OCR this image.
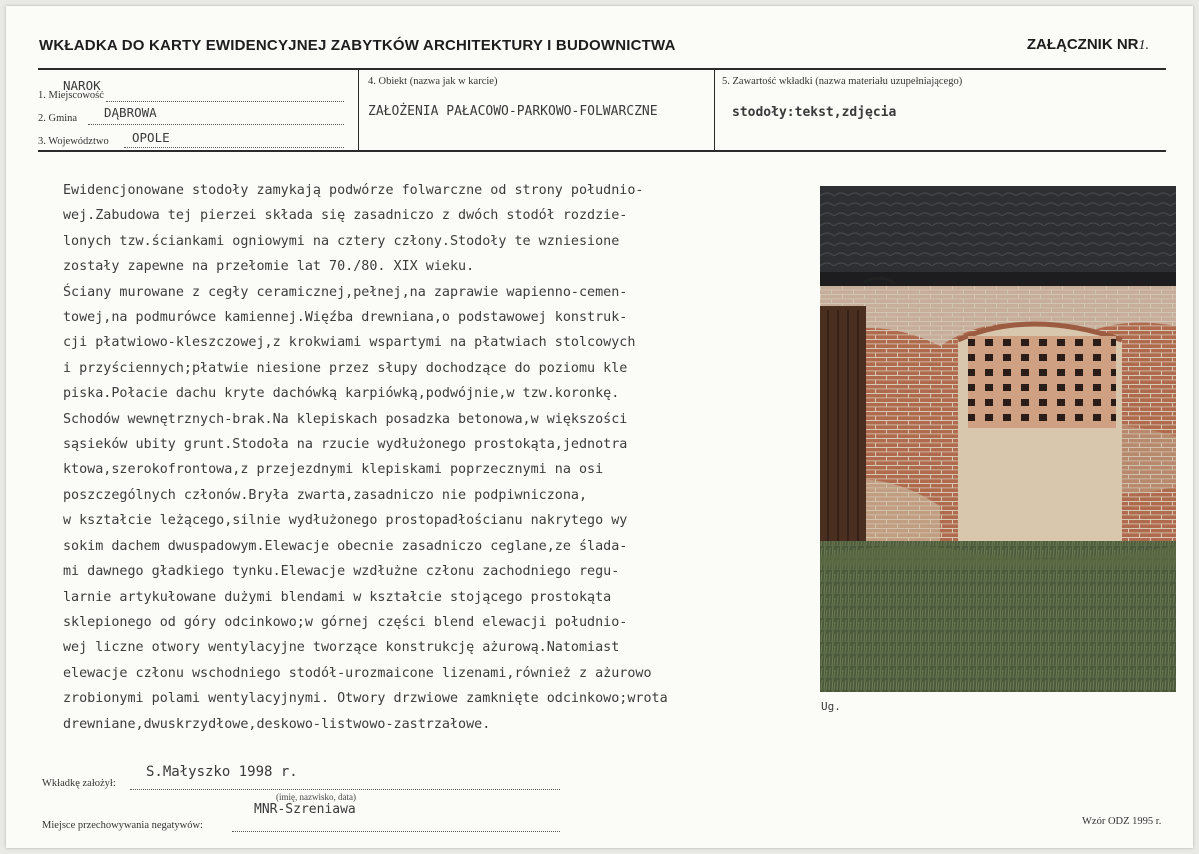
WKŁADKA DO KARTY EWIDENCYJNEJ ZABYTKÓW ARCHITEKTURY I BUDOWNICTWA	ZAŁĄCZNIK NR1.
1. Miejscowość
NAROK
2. Gmina DĄBROWA
3. Województwo OPOLE
4. Obiekt (nazwa jak w karcie)
ZAŁOŻENIA PAŁACOWO-PARKOWO-FOLWARCZNE
5. Zawartość wkładki (nazwa materiału uzupełniającego)
stodoły:tekst,zdjęcia
Ewidencjonowane stodoły zamykają podwórze folwarczne od strony południo-
wej.Zabudowa tej pierzei składa się zasadniczo z dwóch stodół rozdzie-
lonych tzw.ściankami ogniowymi na cztery człony.Stodoły te wzniesione
zostały zapewne na przełomie lat 70./80. XIX wieku.
Ściany murowane z cegły ceramicznej,pełnej,na zaprawie wapienno-cemen-
towej,na podmurówce kamiennej.Więźba drewniana,o podstawowej konstruk-
cji płatwiowo-kleszczowej,z krokwiami wspartymi na płatwiach stolcowych
i przyściennych;płatwie niesione przez słupy dochodzące do poziomu kle
piska.Połacie dachu kryte dachówką karpiówką,podwójnie,w tzw.koronkę.
Schodów wewnętrznych-brak.Na klepiskach posadzka betonowa,w większości
sąsieków ubity grunt.Stodoła na rzucie wydłużonego prostokąta,jednotra
ktowa,szerokofrontowa,z przejezdnymi klepiskami poprzecznymi na osi
poszczególnych członów.Bryła zwarta,zasadniczo nie podpiwniczona,
w kształcie leżącego,silnie wydłużonego prostopadłościanu nakrytego wy
sokim dachem dwuspadowym.Elewacje obecnie zasadniczo ceglane,ze śladа-
mi dawnego gładkiego tynku.Elewacje wzdłużne członu zachodniego regu-
larnie artykułowane dużymi blendami w kształcie stojącego prostokąta
sklepionego od góry odcinkowo;w górnej części blend elewacji południo-
wej liczne otwory wentylacyjne tworzące konstrukcję ażurową.Natomiast
elewacje członu wschodniego stodół-urozmaicone lizenami,również z ażurowo
zrobionymi polami wentylacyjnymi. Otwory drzwiowe zamknięte odcinkowo;wrota
drewniane,dwuskrzydłowe,deskowo-listwowo-zastrzałowe.
Ug.
Wkładkę założył:
S.Małyszko 1998 r.
(imię, nazwisko, data)
Miejsce przechowywania negatywów:
MNR-Szreniawa
Wzór ODZ 1995 r.
